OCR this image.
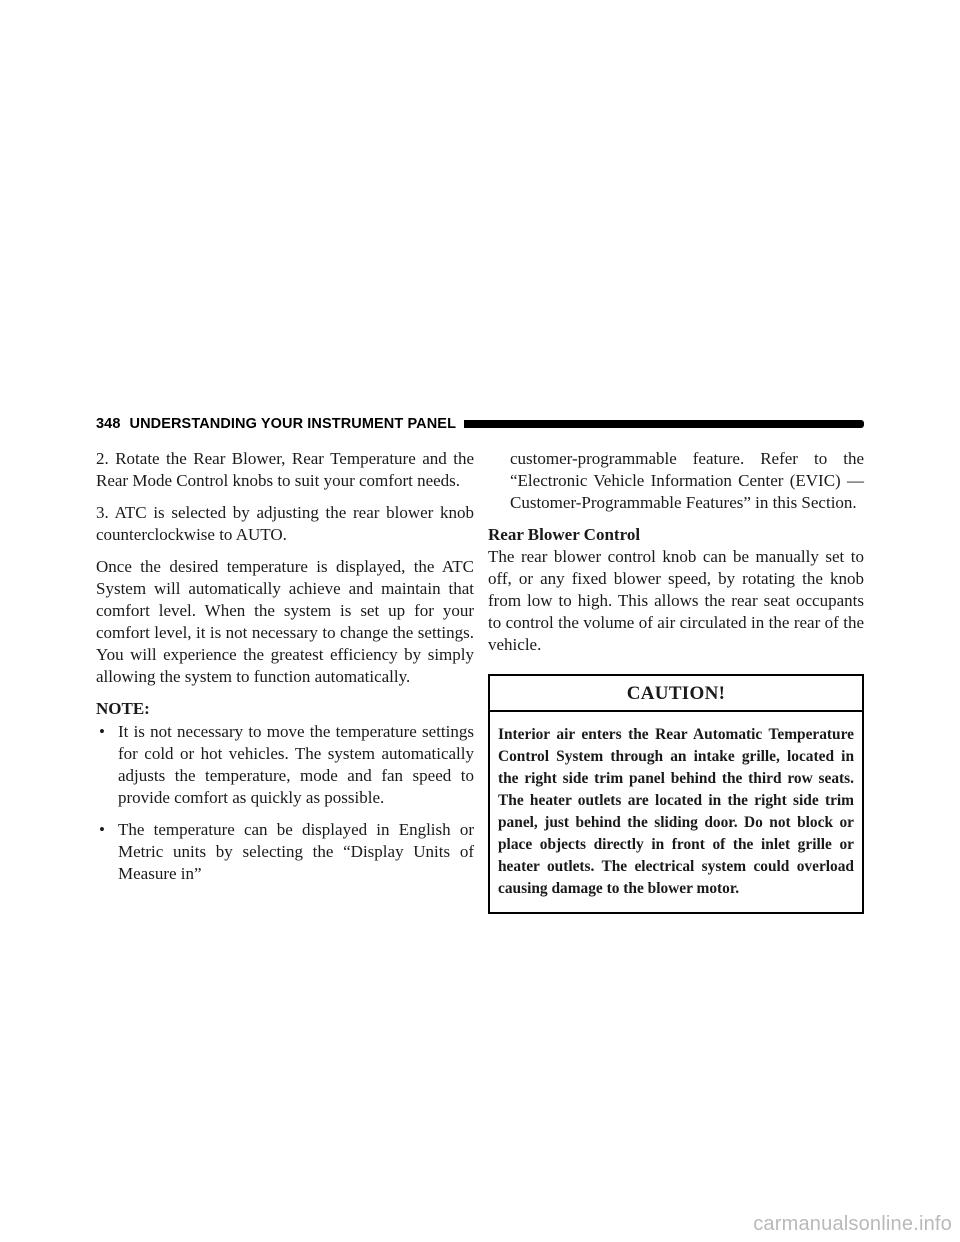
348 UNDERSTANDING YOUR INSTRUMENT PANEL

2. Rotate the Rear Blower, Rear Temperature and the Rear Mode Control knobs to suit your comfort needs.

3. ATC is selected by adjusting the rear blower knob counterclockwise to AUTO.

Once the desired temperature is displayed, the ATC System will automatically achieve and maintain that comfort level. When the system is set up for your comfort level, it is not necessary to change the settings. You will experience the greatest efficiency by simply allowing the system to function automatically.

NOTE:

• It is not necessary to move the temperature settings for cold or hot vehicles. The system automatically adjusts the temperature, mode and fan speed to provide comfort as quickly as possible.
• The temperature can be displayed in English or Metric units by selecting the “Display Units of Measure in”
customer-programmable feature. Refer to the “Electronic Vehicle Information Center (EVIC) — Customer-Programmable Features” in this Section.

Rear Blower Control

The rear blower control knob can be manually set to off, or any fixed blower speed, by rotating the knob from low to high. This allows the rear seat occupants to control the volume of air circulated in the rear of the vehicle.

CAUTION!
Interior air enters the Rear Automatic Temperature Control System through an intake grille, located in the right side trim panel behind the third row seats. The heater outlets are located in the right side trim panel, just behind the sliding door. Do not block or place objects directly in front of the inlet grille or heater outlets. The electrical system could overload causing damage to the blower motor.
carmanualsonline.info
